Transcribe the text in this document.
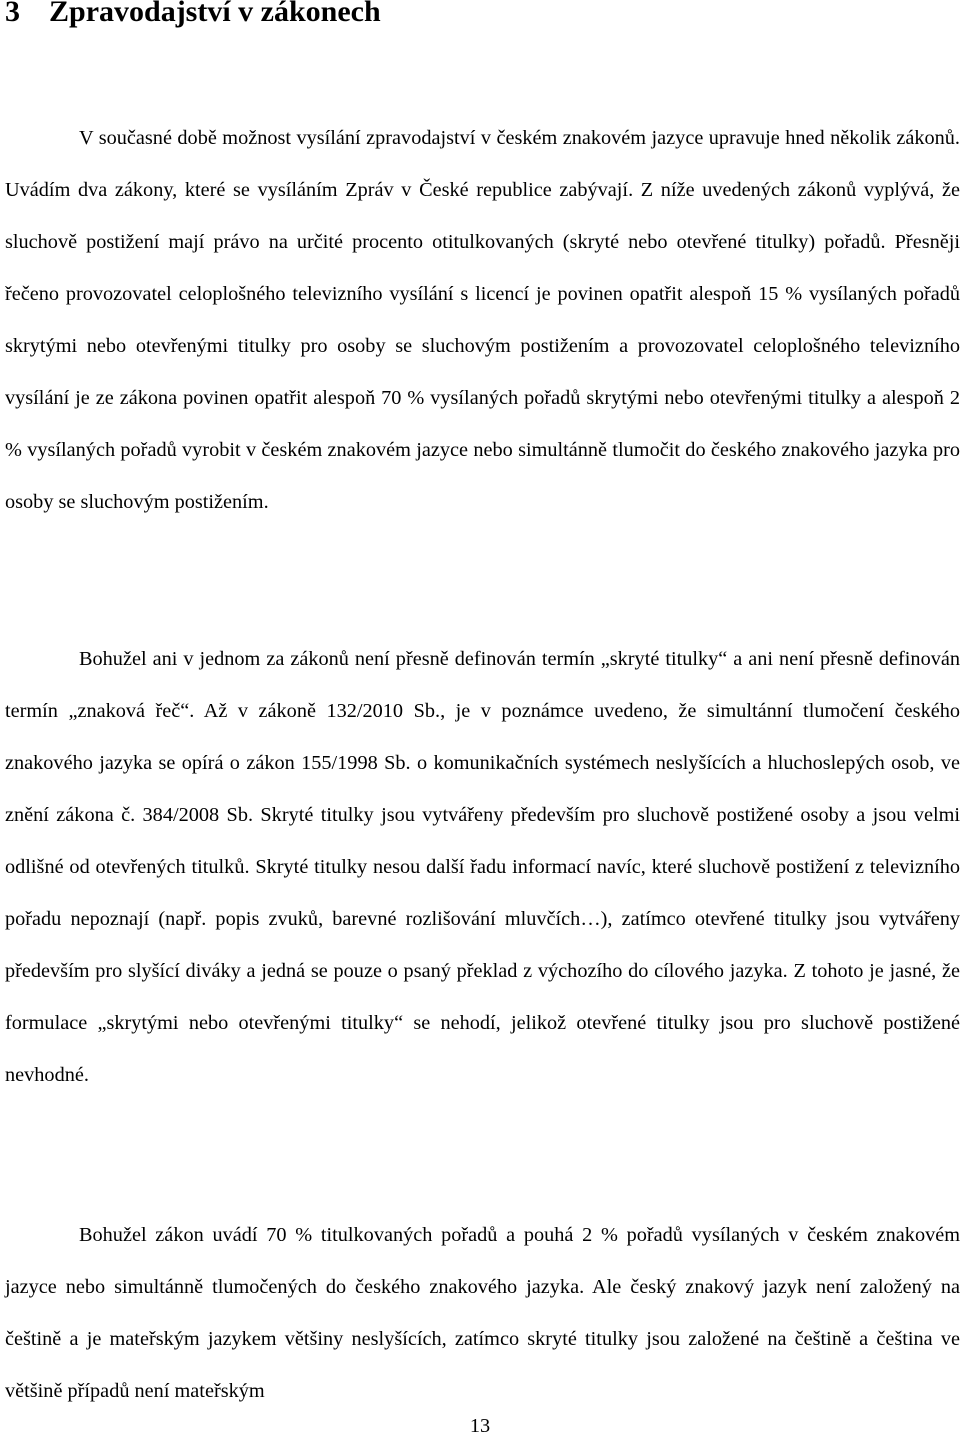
3 Zpravodajství v zákonech

V současné době možnost vysílání zpravodajství v českém znakovém jazyce upravuje hned několik zákonů. Uvádím dva zákony, které se vysíláním Zpráv v České republice zabývají. Z níže uvedených zákonů vyplývá, že sluchově postižení mají právo na určité procento otitulkovaných (skryté nebo otevřené titulky) pořadů. Přesněji řečeno provozovatel celoplošného televizního vysílání s licencí je povinen opatřit alespoň 15 % vysílaných pořadů skrytými nebo otevřenými titulky pro osoby se sluchovým postižením a provozovatel celoplošného televizního vysílání je ze zákona povinen opatřit alespoň 70 % vysílaných pořadů skrytými nebo otevřenými titulky a alespoň 2 % vysílaných pořadů vyrobit v českém znakovém jazyce nebo simultánně tlumočit do českého znakového jazyka pro osoby se sluchovým postižením.

Bohužel ani v jednom za zákonů není přesně definován termín „skryté titulky“ a ani není přesně definován termín „znaková řeč“. Až v zákoně 132/2010 Sb., je v poznámce uvedeno, že simultánní tlumočení českého znakového jazyka se opírá o zákon 155/1998 Sb. o komunikačních systémech neslyšících a hluchoslepých osob, ve znění zákona č. 384/2008 Sb. Skryté titulky jsou vytvářeny především pro sluchově postižené osoby a jsou velmi odlišné od otevřených titulků. Skryté titulky nesou další řadu informací navíc, které sluchově postižení z televizního pořadu nepoznají (např. popis zvuků, barevné rozlišování mluvčích…), zatímco otevřené titulky jsou vytvářeny především pro slyšící diváky a jedná se pouze o psaný překlad z výchozího do cílového jazyka. Z tohoto je jasné, že formulace „skrytými nebo otevřenými titulky“ se nehodí, jelikož otevřené titulky jsou pro sluchově postižené nevhodné.

Bohužel zákon uvádí 70 % titulkovaných pořadů a pouhá 2 % pořadů vysílaných v českém znakovém jazyce nebo simultánně tlumočených do českého znakového jazyka. Ale český znakový jazyk není založený na češtině a je mateřským jazykem většiny neslyšících, zatímco skryté titulky jsou založené na češtině a čeština ve většině případů není mateřským

13
